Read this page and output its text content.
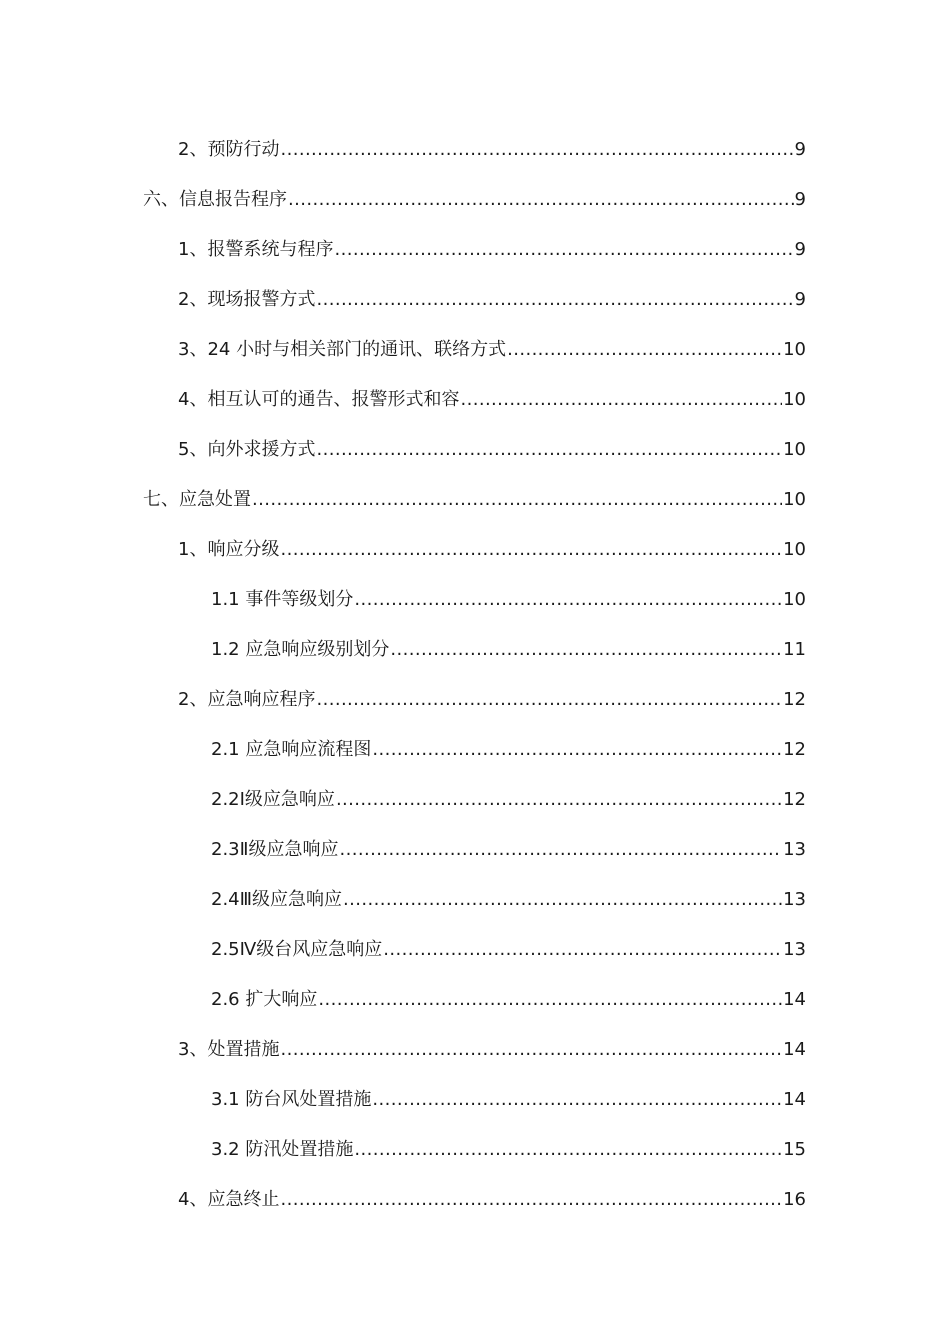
2、预防行动 .....	9
六、信息报告程序 .....	9
1、报警系统与程序 .....	9
2、现场报警方式 .....	9
3、24 小时与相关部门的通讯、联络方式 .....	10
4、相互认可的通告、报警形式和容 .....	10
5、向外求援方式 .....	10
七、应急处置 .....	10
1、响应分级 .....	10
1.1 事件等级划分 .....	10
1.2 应急响应级别划分 .....	11
2、应急响应程序 .....	12
2.1 应急响应流程图 .....	12
2.2Ⅰ级应急响应 .....	12
2.3Ⅱ级应急响应 .....	13
2.4Ⅲ级应急响应 .....	13
2.5Ⅳ级台风应急响应 .....	13
2.6 扩大响应 .....	14
3、处置措施 .....	14
3.1 防台风处置措施 .....	14
3.2 防汛处置措施 .....	15
4、应急终止 .....	16
